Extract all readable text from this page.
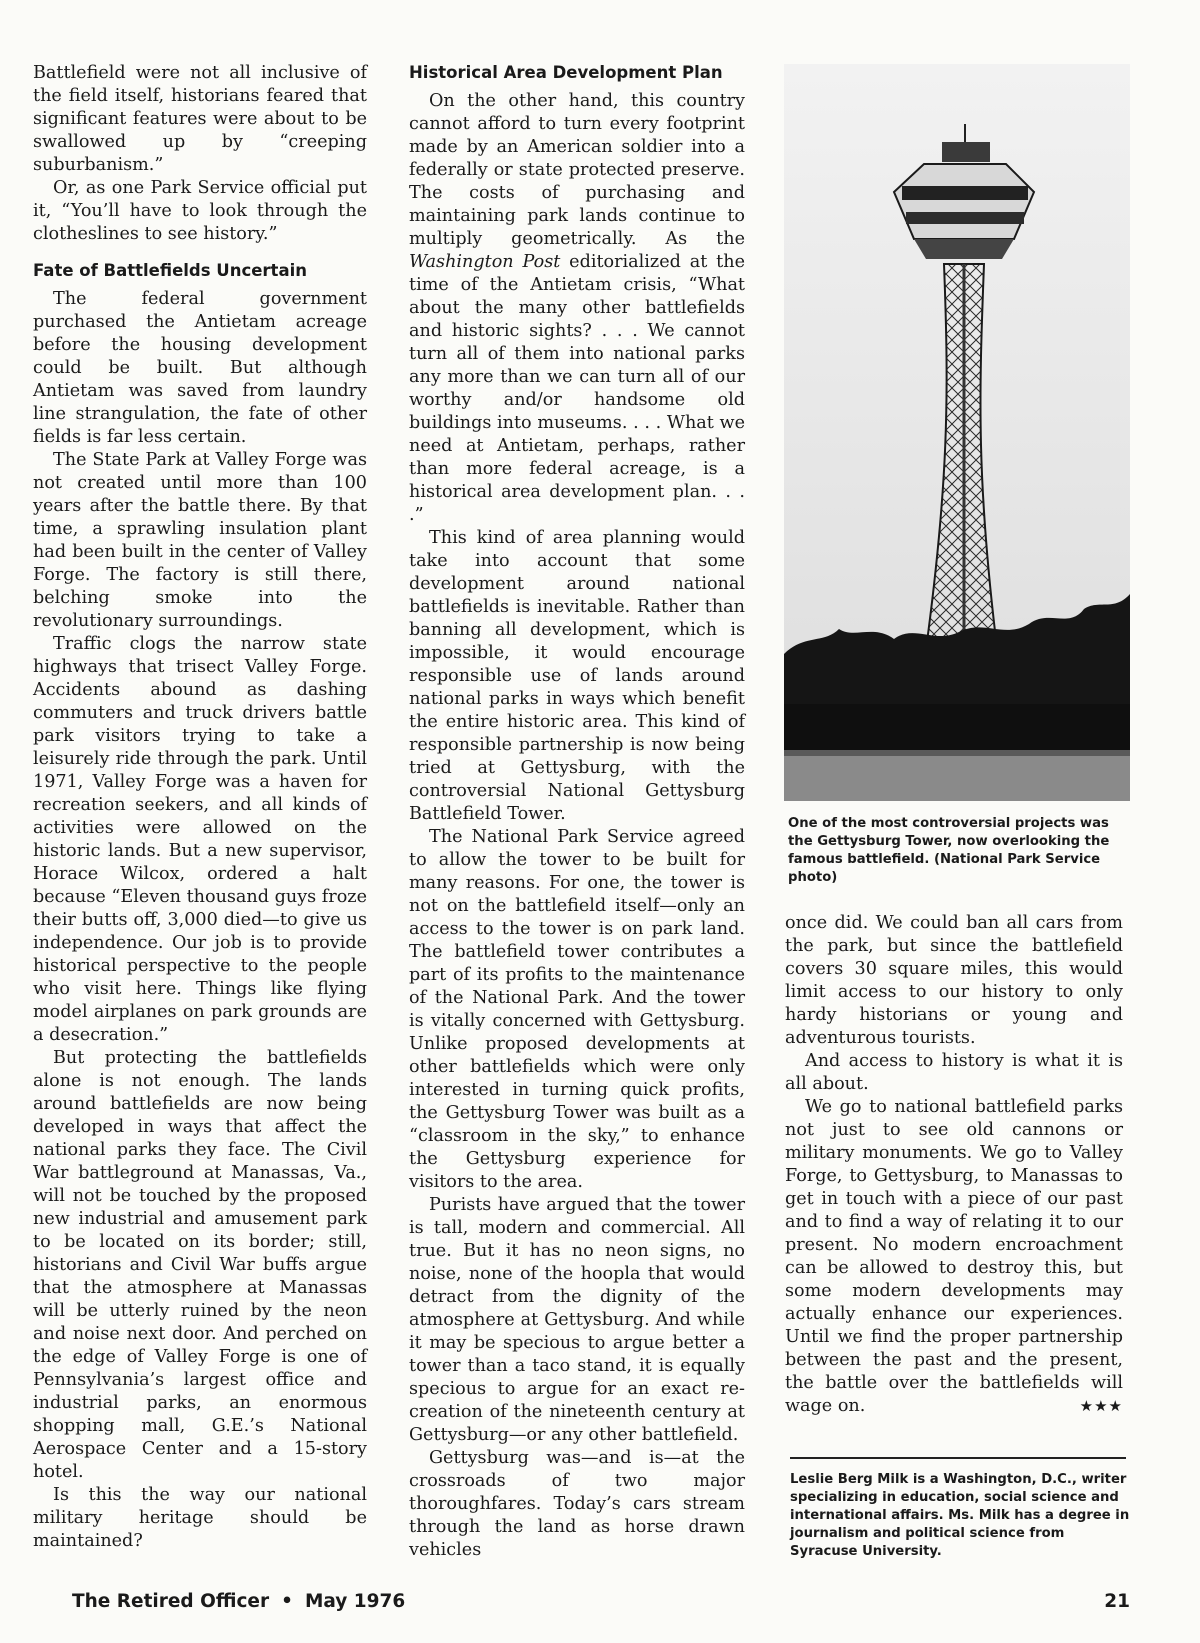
Battlefield were not all inclusive of the field itself, historians feared that significant features were about to be swallowed up by “creeping suburbanism.”

Or, as one Park Service official put it, “You’ll have to look through the clotheslines to see history.”

Fate of Battlefields Uncertain

The federal government purchased the Antietam acreage before the housing development could be built. But although Antietam was saved from laundry line strangulation, the fate of other fields is far less certain.

The State Park at Valley Forge was not created until more than 100 years after the battle there. By that time, a sprawling insulation plant had been built in the center of Valley Forge. The factory is still there, belching smoke into the revolutionary surroundings.

Traffic clogs the narrow state highways that trisect Valley Forge. Accidents abound as dashing commuters and truck drivers battle park visitors trying to take a leisurely ride through the park. Until 1971, Valley Forge was a haven for recreation seekers, and all kinds of activities were allowed on the historic lands. But a new supervisor, Horace Wilcox, ordered a halt because “Eleven thousand guys froze their butts off, 3,000 died—to give us independence. Our job is to provide historical perspective to the people who visit here. Things like flying model airplanes on park grounds are a desecration.”

But protecting the battlefields alone is not enough. The lands around battlefields are now being developed in ways that affect the national parks they face. The Civil War battleground at Manassas, Va., will not be touched by the proposed new industrial and amusement park to be located on its border; still, historians and Civil War buffs argue that the atmosphere at Manassas will be utterly ruined by the neon and noise next door. And perched on the edge of Valley Forge is one of Pennsylvania’s largest office and industrial parks, an enormous shopping mall, G.E.’s National Aerospace Center and a 15-story hotel.

Is this the way our national military heritage should be maintained?

Historical Area Development Plan

On the other hand, this country cannot afford to turn every footprint made by an American soldier into a federally or state protected preserve. The costs of purchasing and maintaining park lands continue to multiply geometrically. As the Washington Post editorialized at the time of the Antietam crisis, “What about the many other battlefields and historic sights? . . . We cannot turn all of them into national parks any more than we can turn all of our worthy and/or handsome old buildings into museums. . . . What we need at Antietam, perhaps, rather than more federal acreage, is a historical area development plan. . . .”

This kind of area planning would take into account that some development around national battlefields is inevitable. Rather than banning all development, which is impossible, it would encourage responsible use of lands around national parks in ways which benefit the entire historic area. This kind of responsible partnership is now being tried at Gettysburg, with the controversial National Gettysburg Battlefield Tower.

The National Park Service agreed to allow the tower to be built for many reasons. For one, the tower is not on the battlefield itself—only an access to the tower is on park land. The battlefield tower contributes a part of its profits to the maintenance of the National Park. And the tower is vitally concerned with Gettysburg. Unlike proposed developments at other battlefields which were only interested in turning quick profits, the Gettysburg Tower was built as a “classroom in the sky,” to enhance the Gettysburg experience for visitors to the area.

Purists have argued that the tower is tall, modern and commercial. All true. But it has no neon signs, no noise, none of the hoopla that would detract from the dignity of the atmosphere at Gettysburg. And while it may be specious to argue better a tower than a taco stand, it is equally specious to argue for an exact re-creation of the nineteenth century at Gettysburg—or any other battlefield.

Gettysburg was—and is—at the crossroads of two major thoroughfares. Today’s cars stream through the land as horse drawn vehicles

One of the most controversial projects was the Gettysburg Tower, now overlooking the famous battlefield. (National Park Service photo)

once did. We could ban all cars from the park, but since the battlefield covers 30 square miles, this would limit access to our history to only hardy historians or young and adventurous tourists.

And access to history is what it is all about.

We go to national battlefield parks not just to see old cannons or military monuments. We go to Valley Forge, to Gettysburg, to Manassas to get in touch with a piece of our past and to find a way of relating it to our present. No modern encroachment can be allowed to destroy this, but some modern developments may actually enhance our experiences. Until we find the proper partnership between the past and the present, the battle over the battlefields will wage on.	★★★

Leslie Berg Milk is a Washington, D.C., writer specializing in education, social science and international affairs. Ms. Milk has a degree in journalism and political science from Syracuse University.
The Retired Officer • May 1976	21
